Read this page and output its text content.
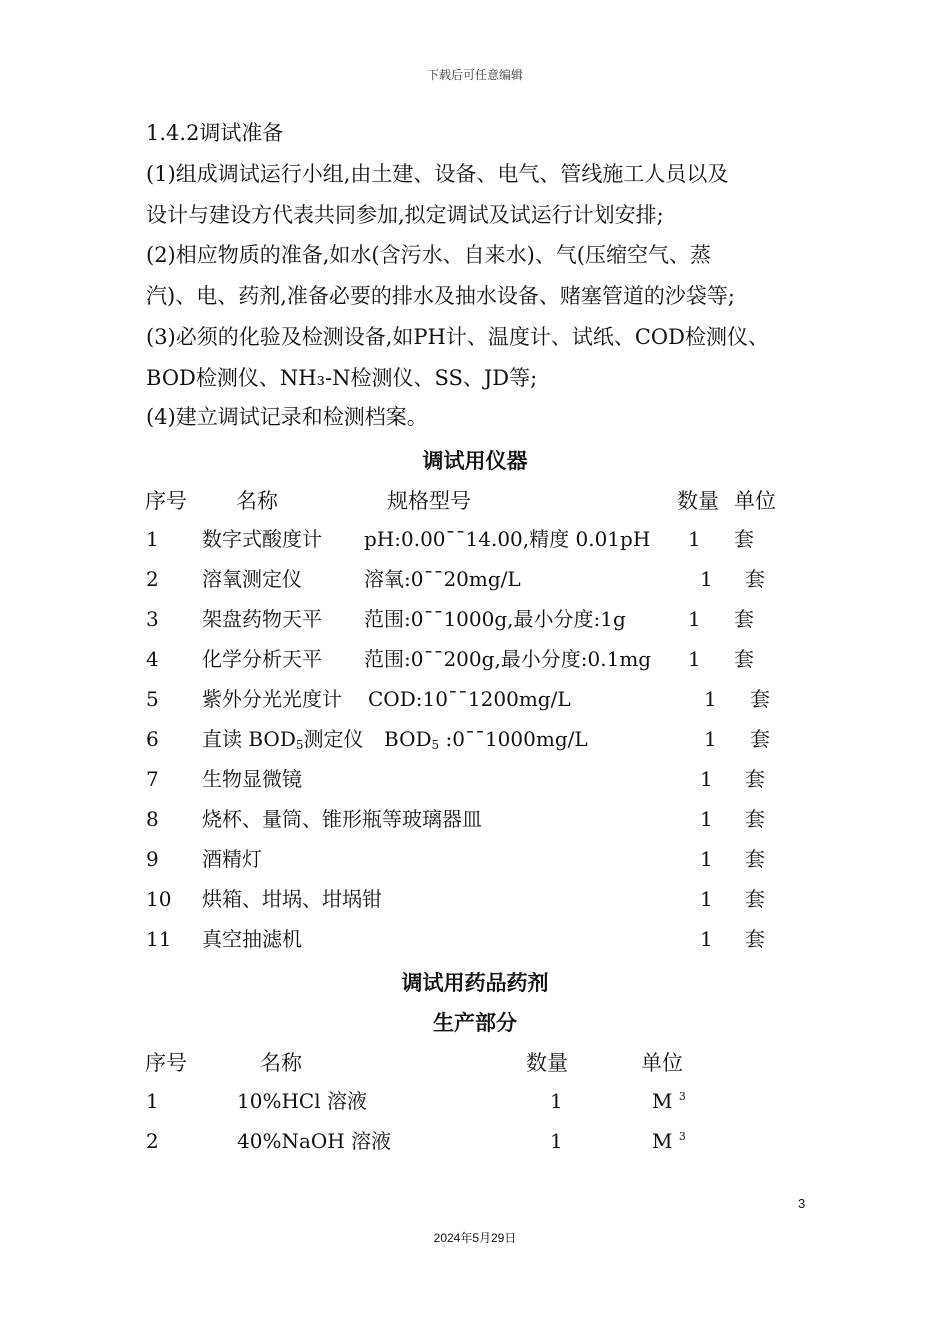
下载后可任意编辑
1.4.2调试准备
(1)组成调试运行小组,由土建、设备、电气、管线施工人员以及
设计与建设方代表共同参加,拟定调试及试运行计划安排;
(2)相应物质的准备,如水(含污水、自来水)、气(压缩空气、蒸
汽)、电、药剂,准备必要的排水及抽水设备、赌塞管道的沙袋等;
(3)必须的化验及检测设备,如PH计、温度计、试纸、COD检测仪、
BOD检测仪、NH₃-N检测仪、SS、JD等;
(4)建立调试记录和检测档案。
调试用仪器
序号 名称	规格型号	数量 单位
1 数字式酸度计 pH:0.00¯¯14.00,精度 0.01pH 1 套
2 溶氧测定仪	溶氧:0¯¯20mg/L	1 套
3 架盘药物天平 范围:0¯¯1000g,最小分度:1g	1 套
4 化学分析天平 范围:0¯¯200g,最小分度:0.1mg 1 套
5 紫外分光光度计 COD:10¯¯1200mg/L	1 套
6 直读 $BOD_5$测定仪 $BOD_5$ :0¯¯1000mg/L	1 套
7 生物显微镜	1 套
8 烧杯、量筒、锥形瓶等玻璃器皿	1 套
9 酒精灯	1 套
10 烘箱、坩埚、坩埚钳	1 套
11 真空抽滤机	1 套
调试用药品药剂
生产部分
序号	名称	数量	单位
1	10%HCl 溶液	1	M $^3$
2	40%NaOH 溶液	1	M $^3$
3
2024年5月29日
